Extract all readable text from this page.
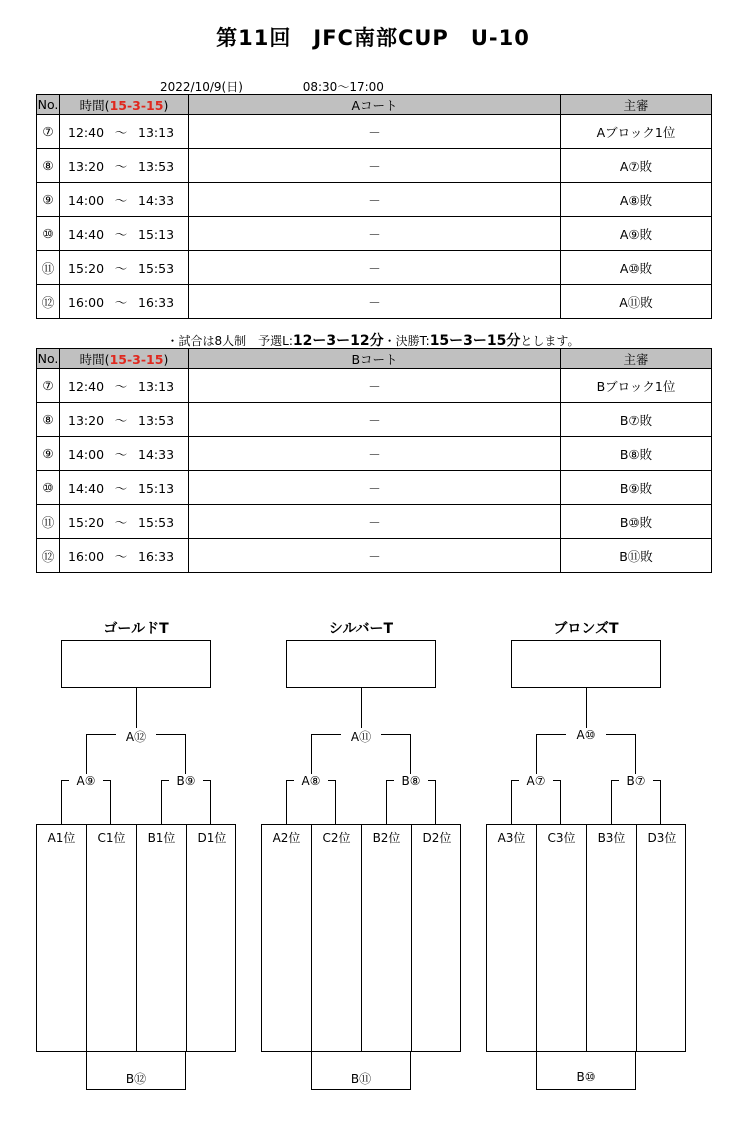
第11回　JFC南部CUP　U-10
2022/10/9(日)	08:30〜17:00
No.	時間(15-3-15)	Aコート	主審
⑦	12:40 〜 13:13	－	Aブロック1位
⑧	13:20 〜 13:53	－	A⑦敗
⑨	14:00 〜 14:33	－	A⑧敗
⑩	14:40 〜 15:13	－	A⑨敗
⑪	15:20 〜 15:53	－	A⑩敗
⑫	16:00 〜 16:33	－	A⑪敗
・試合は8人制　予選L:12ー3ー12分・決勝T:15ー3ー15分とします。
No.	時間(15-3-15)	Bコート	主審
⑦	12:40 〜 13:13	－	Bブロック1位
⑧	13:20 〜 13:53	－	B⑦敗
⑨	14:00 〜 14:33	－	B⑧敗
⑩	14:40 〜 15:13	－	B⑨敗
⑪	15:20 〜 15:53	－	B⑩敗
⑫	16:00 〜 16:33	－	B⑪敗
ゴールドT
A⑫
A⑨	B⑨
A1位	C1位	B1位	D1位
B⑫
シルバーT
A⑪
A⑧	B⑧
A2位	C2位	B2位	D2位
B⑪
ブロンズT
A⑩
A⑦	B⑦
A3位	C3位	B3位	D3位
B⑩
